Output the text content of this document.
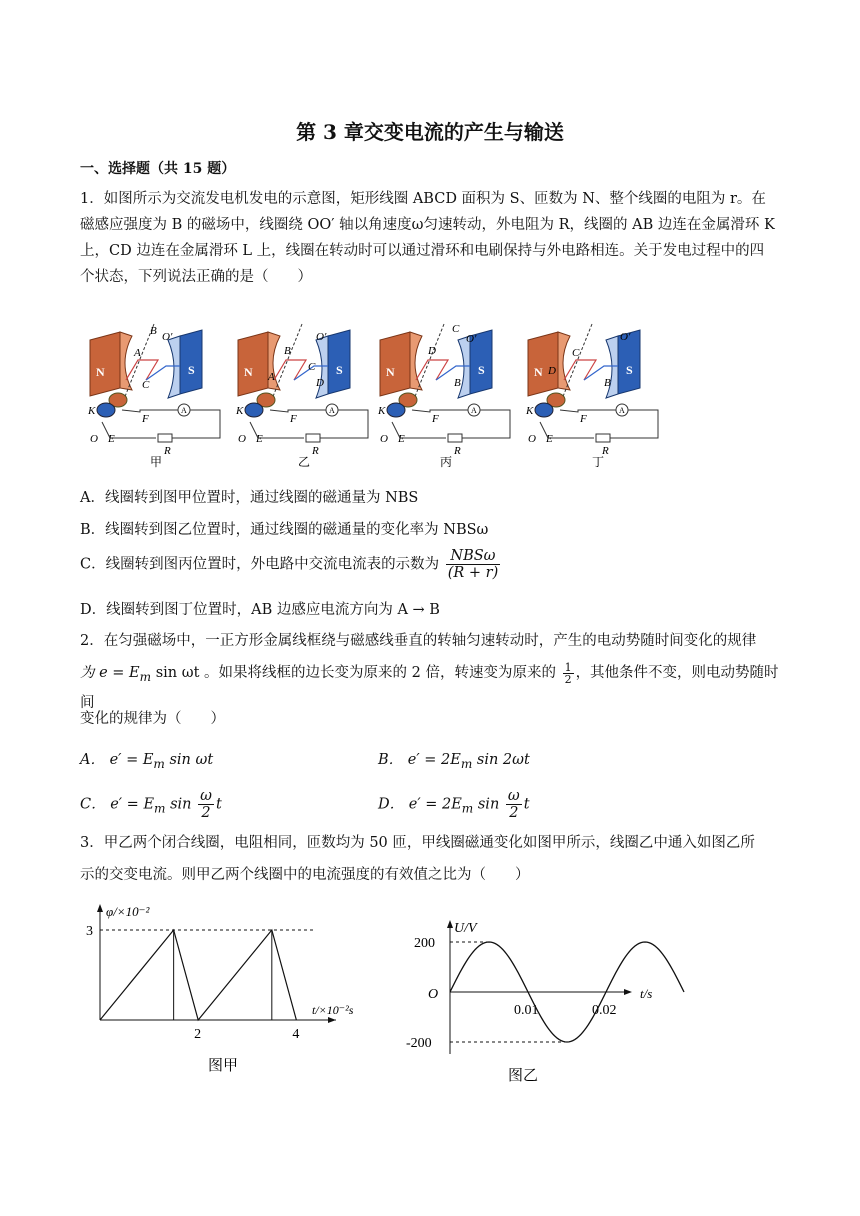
第 3 章交变电流的产生与输送
一、选择题（共 15 题）
1．如图所示为交流发电机发电的示意图，矩形线圈 ABCD 面积为 S、匝数为 N、整个线圈的电阻为 r。在
磁感应强度为 B 的磁场中，线圈绕 OO′ 轴以角速度ω匀速转动，外电阻为 R，线圈的 AB 边连在金属滑环 K
上，CD 边连在金属滑环 L 上，线圈在转动时可以通过滑环和电刷保持与外电路相连。关于发电过程中的四
个状态，下列说法正确的是（　　）
N	S
B O′
A
C
F
K
O E
R
甲
N	S
B
O′
A	D
C
F
K
O E
R
乙
N	S
C
O′
D
B
F
K
O E
R
丙
N	S
C
O′
D
B
F
K
O E
R
丁
A．线圈转到图甲位置时，通过线圈的磁通量为 NBS
B．线圈转到图乙位置时，通过线圈的磁通量的变化率为 NBSω
C．线圈转到图丙位置时，外电路中交流电流表的示数为 $\frac{\text{NBSω}}{(R + r)}$
D．线圈转到图丁位置时，AB 边感应电流方向为 A → B
2．在匀强磁场中，一正方形金属线框绕与磁感线垂直的转轴匀速转动时，产生的电动势随时间变化的规律
为 $e = E_m$ sin ωt 。如果将线框的边长变为原来的 2 倍，转速变为原来的 $\frac{1}{2}$ ，其他条件不变，则电动势随时间
变化的规律为（　　）
A． $e' = E_m$ sin ωt	B． $e' = 2E_m$ sin 2ωt
C． $e' = E_m$ $\sin \frac{\omega}{2}$ t	D． $e' = 2E_m$ $\sin \frac{\omega}{2}$ t
3．甲乙两个闭合线圈，电阻相同，匝数均为 50 匝，甲线圈磁通变化如图甲所示，线圈乙中通入如图乙所
示的交变电流。则甲乙两个线圈中的电流强度的有效值之比为（　　）
φ/×10⁻²
t/×10⁻²s
3
2	4
图甲
U/V
t/s
O
200
-200
0.01	0.02
图乙
